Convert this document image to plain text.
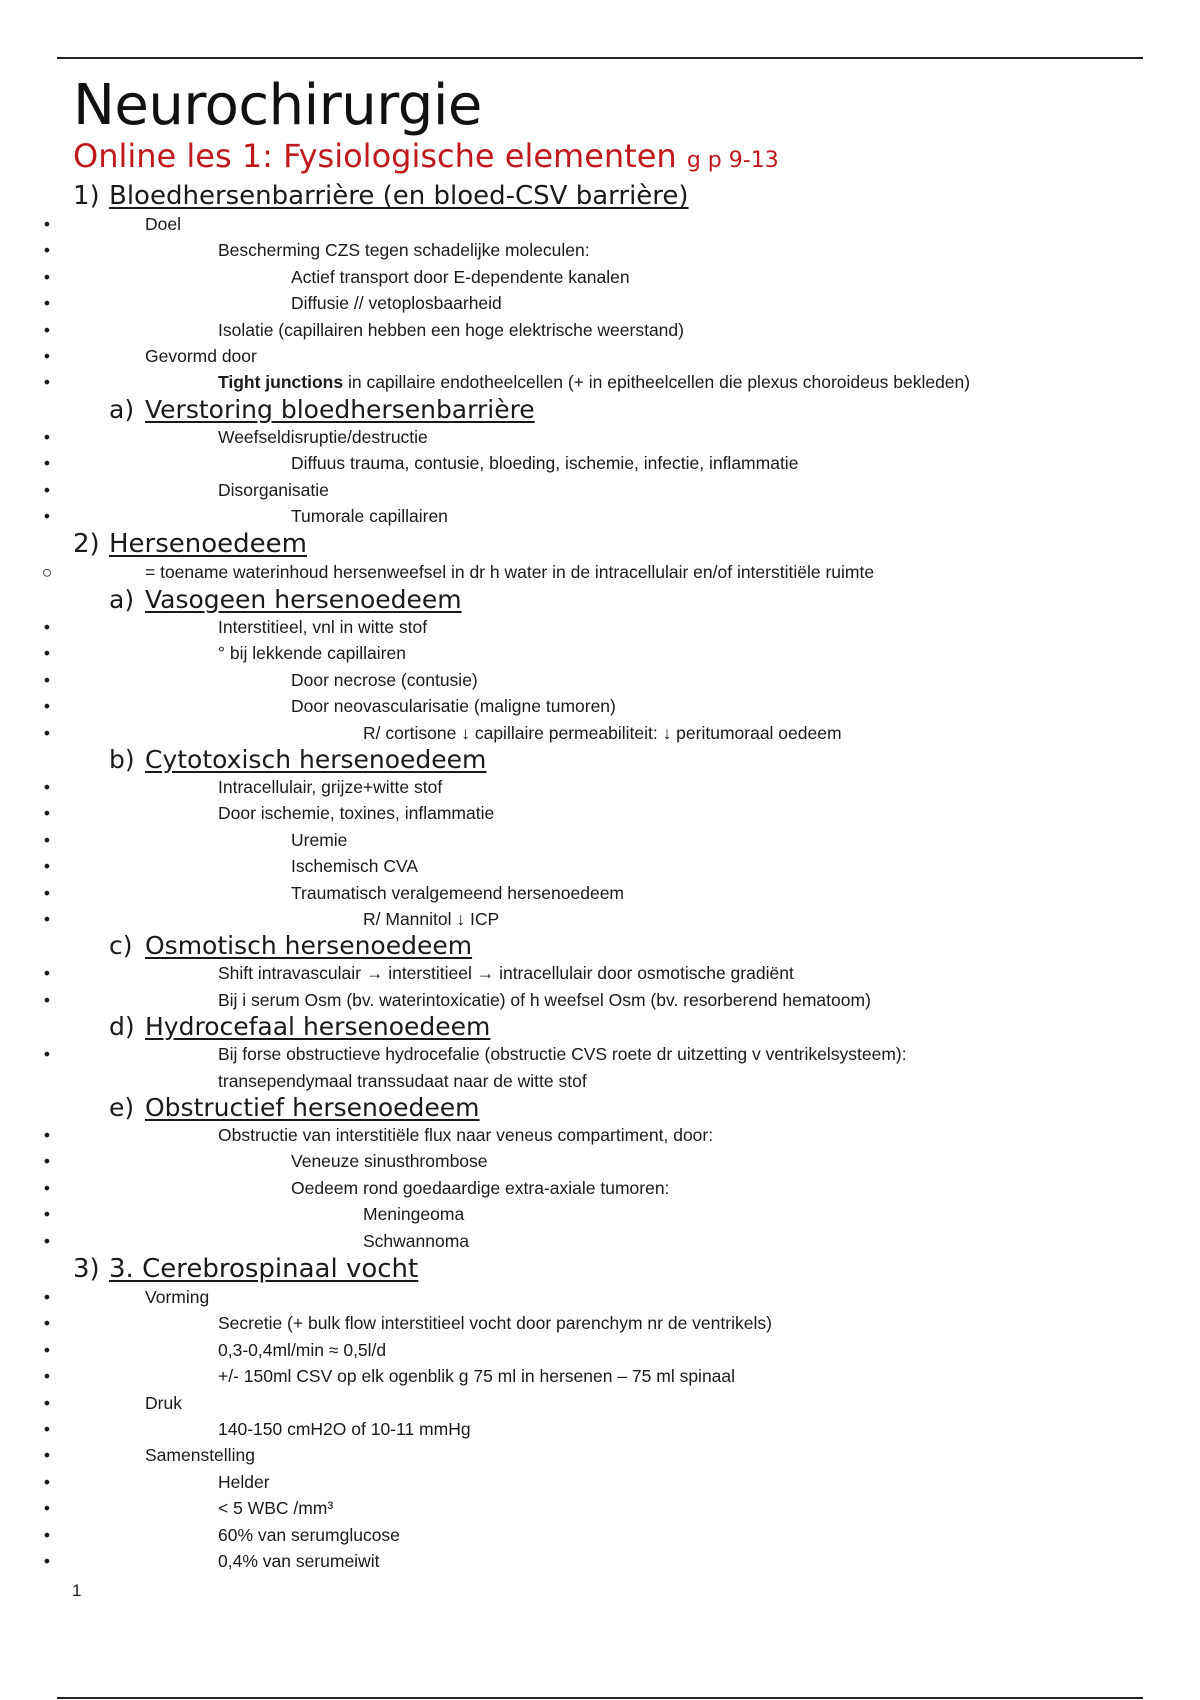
Neurochirurgie
Online les 1: Fysiologische elementen g p 9-13
1) Bloedhersenbarrière (en bloed-CSV barrière)
•	Doel
•	Bescherming CZS tegen schadelijke moleculen:
•	Actief transport door E-dependente kanalen
•	Diffusie // vetoplosbaarheid
•	Isolatie (capillairen hebben een hoge elektrische weerstand)
•	Gevormd door
•	Tight junctions in capillaire endotheelcellen (+ in epitheelcellen die plexus choroideus bekleden)
a) Verstoring bloedhersenbarrière
•	Weefseldisruptie/destructie
•	Diffuus trauma, contusie, bloeding, ischemie, infectie, inflammatie
•	Disorganisatie
•	Tumorale capillairen
2) Hersenoedeem
○	= toename waterinhoud hersenweefsel in dr h water in de intracellulair en/of interstitiële ruimte
a) Vasogeen hersenoedeem
•	Interstitieel, vnl in witte stof
•	° bij lekkende capillairen
•	Door necrose (contusie)
•	Door neovascularisatie (maligne tumoren)
•	R/ cortisone ↓ capillaire permeabiliteit: ↓ peritumoraal oedeem
b) Cytotoxisch hersenoedeem
•	Intracellulair, grijze+witte stof
•	Door ischemie, toxines, inflammatie
•	Uremie
•	Ischemisch CVA
•	Traumatisch veralgemeend hersenoedeem
•	R/ Mannitol ↓ ICP
c) Osmotisch hersenoedeem
•	Shift intravasculair → interstitieel → intracellulair door osmotische gradiënt
•	Bij i serum Osm (bv. waterintoxicatie) of h weefsel Osm (bv. resorberend hematoom)
d) Hydrocefaal hersenoedeem
•	Bij forse obstructieve hydrocefalie (obstructie CVS roete dr uitzetting v ventrikelsysteem):
transependymaal transsudaat naar de witte stof
e) Obstructief hersenoedeem
•	Obstructie van interstitiële flux naar veneus compartiment, door:
•	Veneuze sinusthrombose
•	Oedeem rond goedaardige extra-axiale tumoren:
•	Meningeoma
•	Schwannoma
3) 3. Cerebrospinaal vocht
•	Vorming
•	Secretie (+ bulk flow interstitieel vocht door parenchym nr de ventrikels)
•	0,3-0,4ml/min ≈ 0,5l/d
•	+/- 150ml CSV op elk ogenblik g 75 ml in hersenen – 75 ml spinaal
•	Druk
•	140-150 cmH2O of 10-11 mmHg
•	Samenstelling
•	Helder
•	< 5 WBC /mm³
•	60% van serumglucose
•	0,4% van serumeiwit
1
